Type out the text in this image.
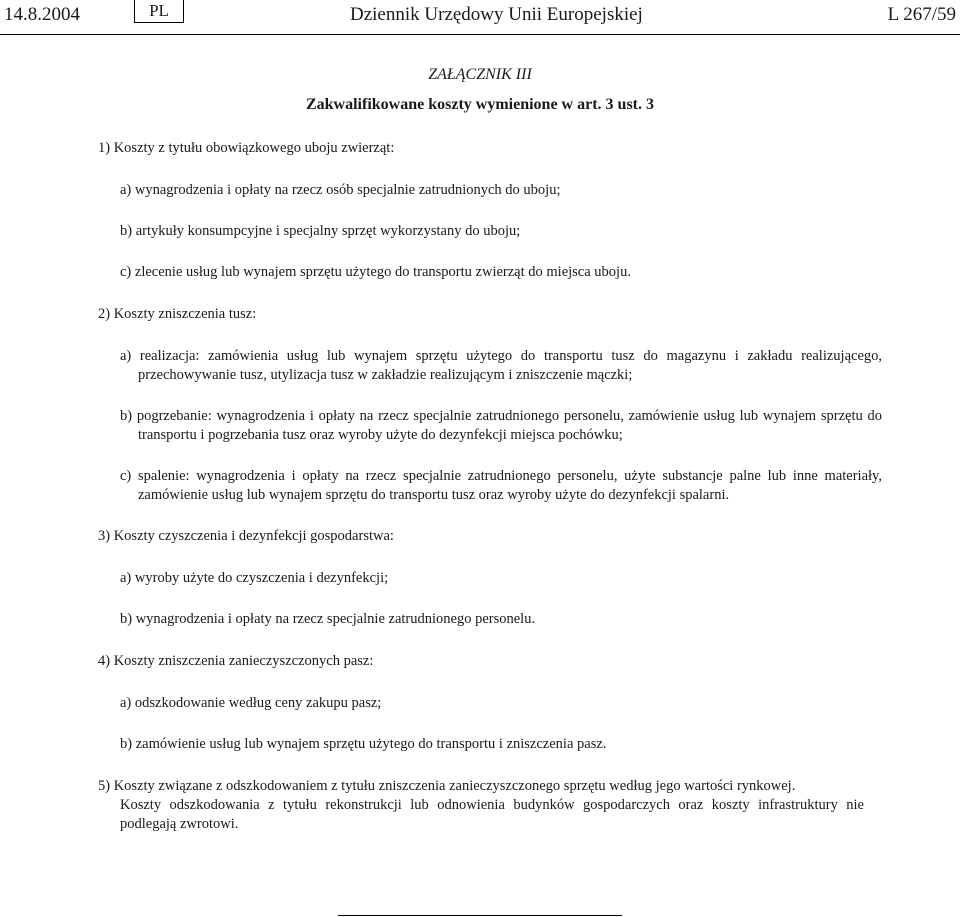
14.8.2004	PL	Dziennik Urzędowy Unii Europejskiej	L 267/59
ZAŁĄCZNIK III
Zakwalifikowane koszty wymienione w art. 3 ust. 3
1) Koszty z tytułu obowiązkowego uboju zwierząt:
a) wynagrodzenia i opłaty na rzecz osób specjalnie zatrudnionych do uboju;
b) artykuły konsumpcyjne i specjalny sprzęt wykorzystany do uboju;
c) zlecenie usług lub wynajem sprzętu użytego do transportu zwierząt do miejsca uboju.
2) Koszty zniszczenia tusz:
a) realizacja: zamówienia usług lub wynajem sprzętu użytego do transportu tusz do magazynu i zakładu realizującego, przechowywanie tusz, utylizacja tusz w zakładzie realizującym i zniszczenie mączki;
b) pogrzebanie: wynagrodzenia i opłaty na rzecz specjalnie zatrudnionego personelu, zamówienie usług lub wynajem sprzętu do transportu i pogrzebania tusz oraz wyroby użyte do dezynfekcji miejsca pochówku;
c) spalenie: wynagrodzenia i opłaty na rzecz specjalnie zatrudnionego personelu, użyte substancje palne lub inne materiały, zamówienie usług lub wynajem sprzętu do transportu tusz oraz wyroby użyte do dezynfekcji spalarni.
3) Koszty czyszczenia i dezynfekcji gospodarstwa:
a) wyroby użyte do czyszczenia i dezynfekcji;
b) wynagrodzenia i opłaty na rzecz specjalnie zatrudnionego personelu.
4) Koszty zniszczenia zanieczyszczonych pasz:
a) odszkodowanie według ceny zakupu pasz;
b) zamówienie usług lub wynajem sprzętu użytego do transportu i zniszczenia pasz.
5) Koszty związane z odszkodowaniem z tytułu zniszczenia zanieczyszczonego sprzętu według jego wartości rynkowej.
Koszty odszkodowania z tytułu rekonstrukcji lub odnowienia budynków gospodarczych oraz koszty infrastruktury nie podlegają zwrotowi.
